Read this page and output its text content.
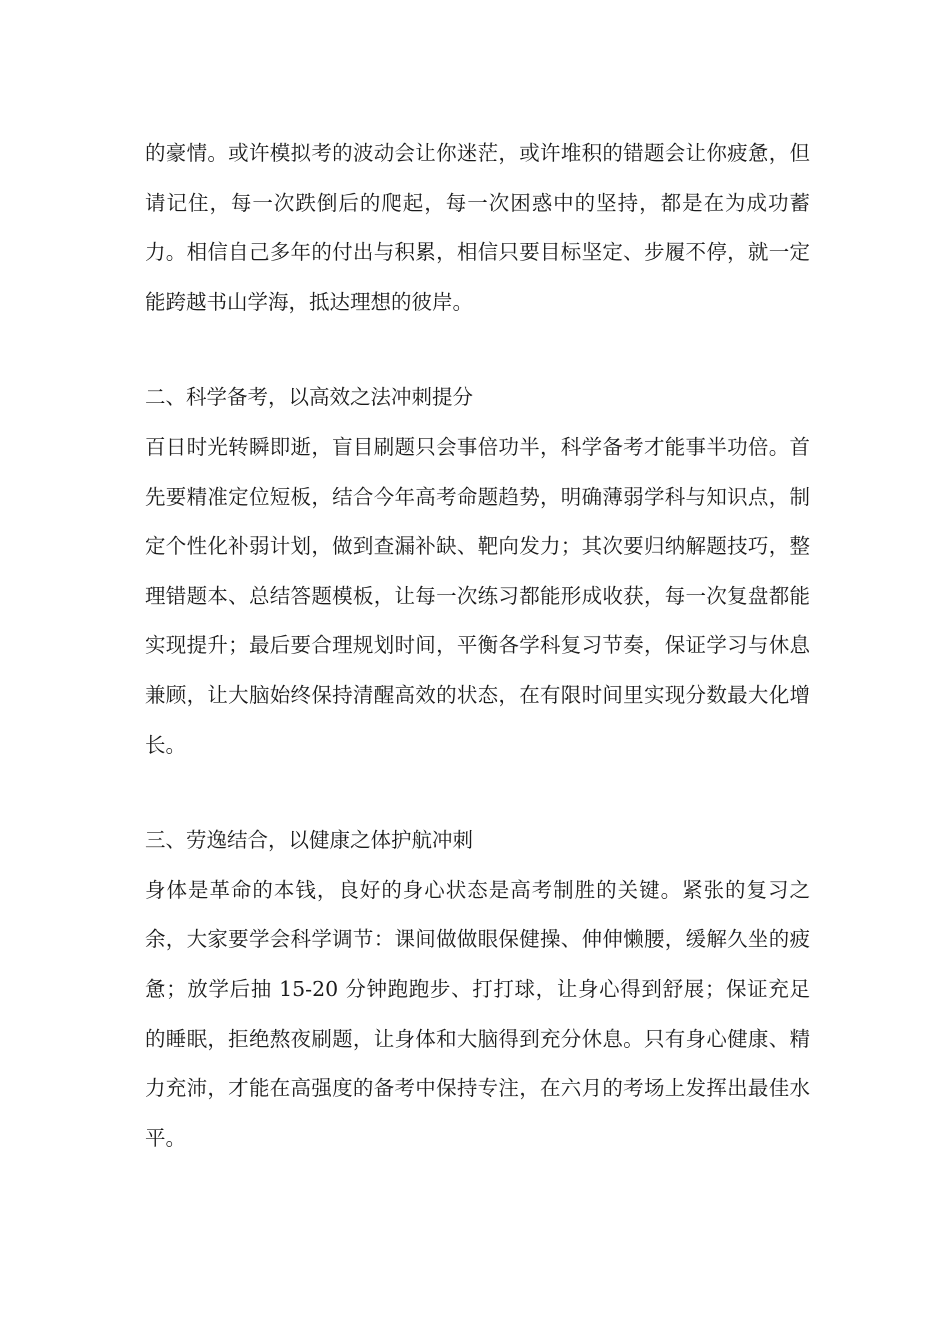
的豪情。或许模拟考的波动会让你迷茫，或许堆积的错题会让你疲惫，但请记住，每一次跌倒后的爬起，每一次困惑中的坚持，都是在为成功蓄力。相信自己多年的付出与积累，相信只要目标坚定、步履不停，就一定能跨越书山学海，抵达理想的彼岸。

二、科学备考，以高效之法冲刺提分

百日时光转瞬即逝，盲目刷题只会事倍功半，科学备考才能事半功倍。首先要精准定位短板，结合今年高考命题趋势，明确薄弱学科与知识点，制定个性化补弱计划，做到查漏补缺、靶向发力；其次要归纳解题技巧，整理错题本、总结答题模板，让每一次练习都能形成收获，每一次复盘都能实现提升；最后要合理规划时间，平衡各学科复习节奏，保证学习与休息兼顾，让大脑始终保持清醒高效的状态，在有限时间里实现分数最大化增长。

三、劳逸结合，以健康之体护航冲刺

身体是革命的本钱，良好的身心状态是高考制胜的关键。紧张的复习之余，大家要学会科学调节：课间做做眼保健操、伸伸懒腰，缓解久坐的疲惫；放学后抽 15-20 分钟跑跑步、打打球，让身心得到舒展；保证充足的睡眠，拒绝熬夜刷题，让身体和大脑得到充分休息。只有身心健康、精力充沛，才能在高强度的备考中保持专注，在六月的考场上发挥出最佳水平。
